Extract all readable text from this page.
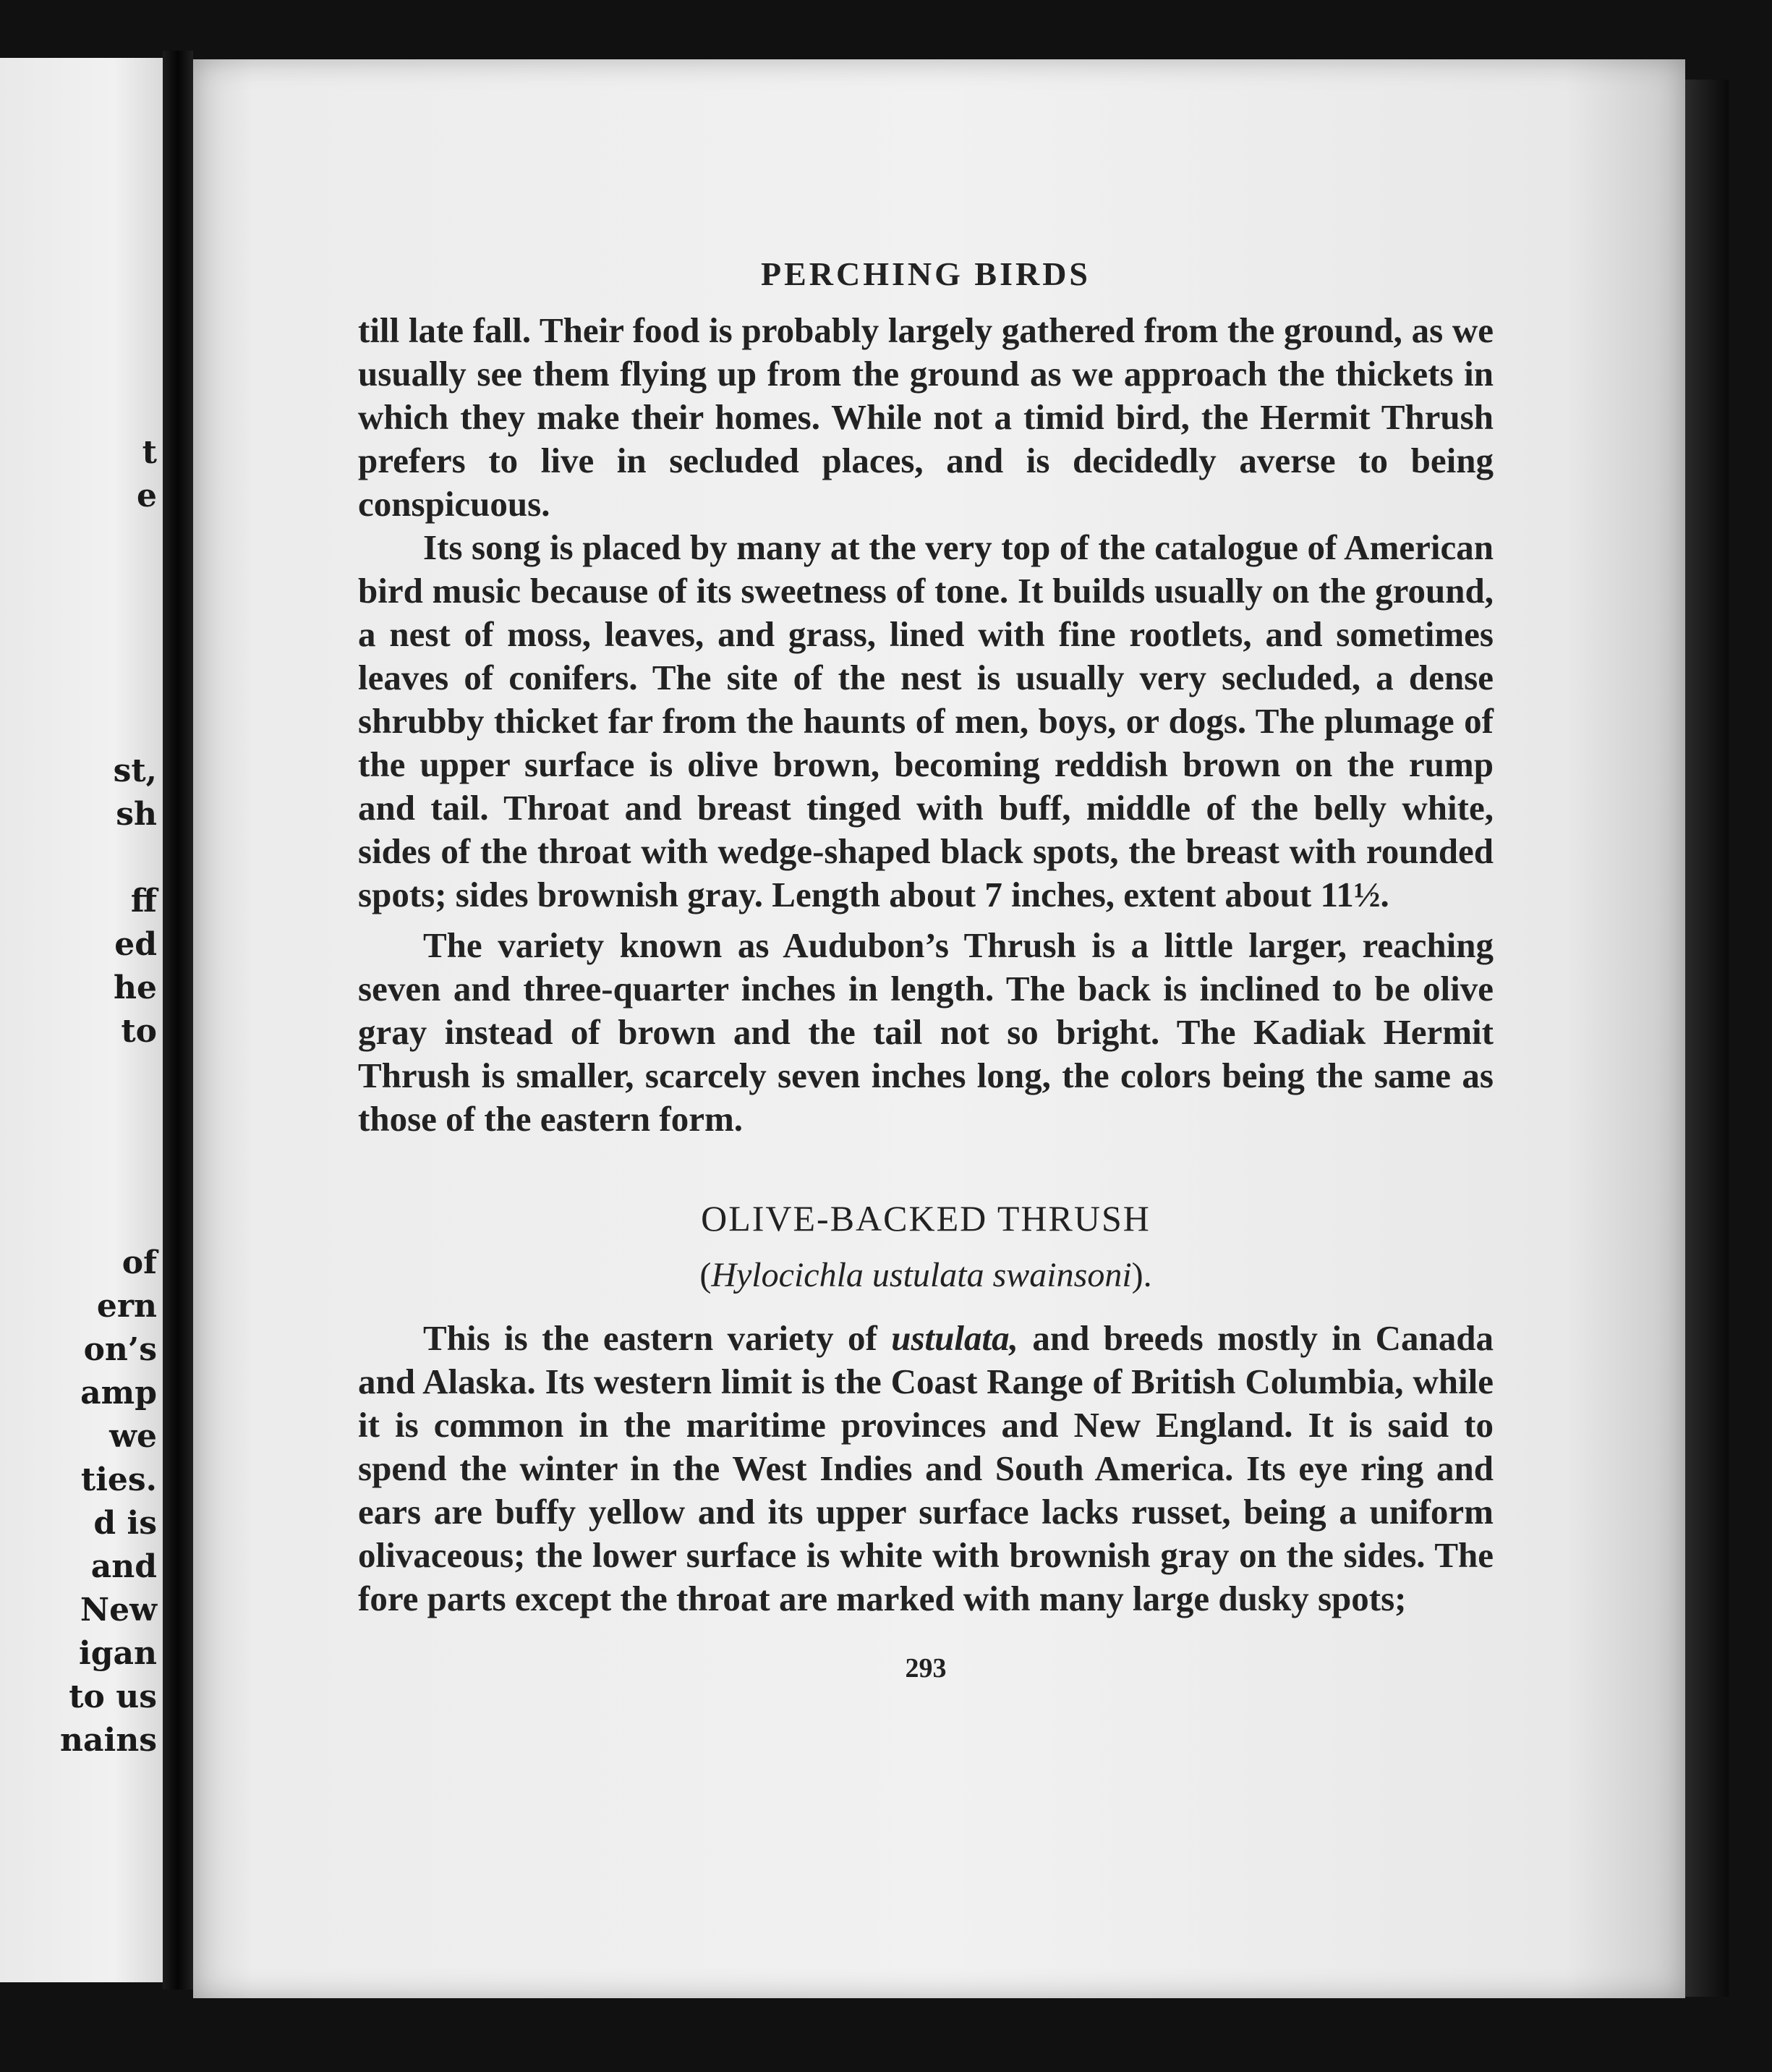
t
e
st,
sh
ff
ed
he
to
of
ern
on’s
amp
we
ties.
d is
and
New
igan
to us
nains
PERCHING BIRDS

till late fall. Their food is probably largely gathered from the ground, as we usually see them flying up from the ground as we approach the thickets in which they make their homes. While not a timid bird, the Hermit Thrush prefers to live in secluded places, and is decidedly averse to being conspicuous.

Its song is placed by many at the very top of the catalogue of American bird music because of its sweetness of tone. It builds usually on the ground, a nest of moss, leaves, and grass, lined with fine rootlets, and sometimes leaves of conifers. The site of the nest is usually very secluded, a dense shrubby thicket far from the haunts of men, boys, or dogs. The plumage of the upper surface is olive brown, becoming reddish brown on the rump and tail. Throat and breast tinged with buff, middle of the belly white, sides of the throat with wedge-shaped black spots, the breast with rounded spots; sides brownish gray. Length about 7 inches, extent about 11½.

The variety known as Audubon’s Thrush is a little larger, reaching seven and three-quarter inches in length. The back is inclined to be olive gray instead of brown and the tail not so bright. The Kadiak Hermit Thrush is smaller, scarcely seven inches long, the colors being the same as those of the eastern form.

OLIVE-BACKED THRUSH
(Hylocichla ustulata swainsoni).

This is the eastern variety of ustulata, and breeds mostly in Canada and Alaska. Its western limit is the Coast Range of British Columbia, while it is common in the maritime provinces and New England. It is said to spend the winter in the West Indies and South America. Its eye ring and ears are buffy yellow and its upper surface lacks russet, being a uniform olivaceous; the lower surface is white with brownish gray on the sides. The fore parts except the throat are marked with many large dusky spots;

293
